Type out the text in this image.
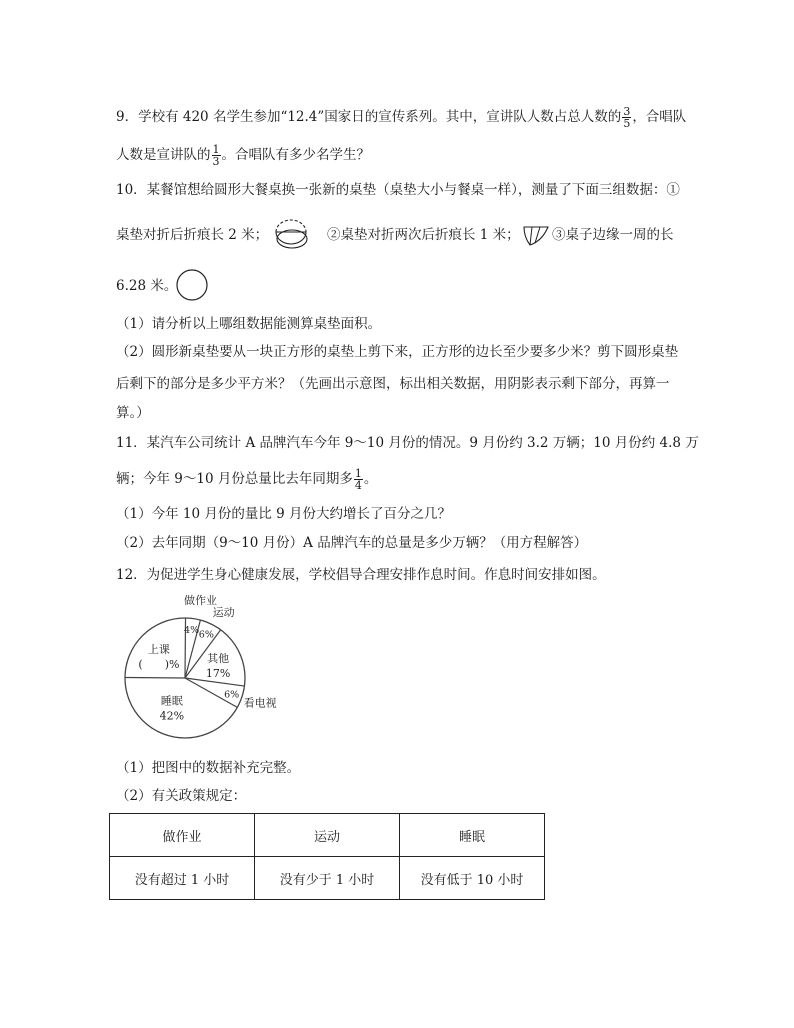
9．学校有 420 名学生参加“12.4”国家日的宣传系列。其中，宣讲队人数占总人数的 $\frac{3}{5}$ ，合唱队
人数是宣讲队的 $\frac{1}{3}$ 。合唱队有多少名学生？
10．某餐馆想给圆形大餐桌换一张新的桌垫（桌垫大小与餐桌一样），测量了下面三组数据：①
桌垫对折后折痕长 2 米；	②桌垫对折两次后折痕长 1 米； ③桌子边缘一周的长
6.28 米。
（1）请分析以上哪组数据能测算桌垫面积。
（2）圆形新桌垫要从一块正方形的桌垫上剪下来，正方形的边长至少要多少米？剪下圆形桌垫
后剩下的部分是多少平方米？（先画出示意图，标出相关数据，用阴影表示剩下部分，再算一
算。）
11．某汽车公司统计 A 品牌汽车今年 9～10 月份的情况。9 月份约 3.2 万辆；10 月份约 4.8 万
辆；今年 9～10 月份总量比去年同期多 $\frac{1}{4}$ 。
（1）今年 10 月份的量比 9 月份大约增长了百分之几？
（2）去年同期（9～10 月份）A 品牌汽车的总量是多少万辆？（用方程解答）
12．为促进学生身心健康发展，学校倡导合理安排作息时间。作息时间安排如图。
4%
做作业
6%
运动
其他
17%
6%
看电视
睡眠
42%
上课
(　　)%
（1）把图中的数据补充完整。
（2）有关政策规定：
做作业	运动	睡眠
没有超过 1 小时	没有少于 1 小时	没有低于 10 小时
